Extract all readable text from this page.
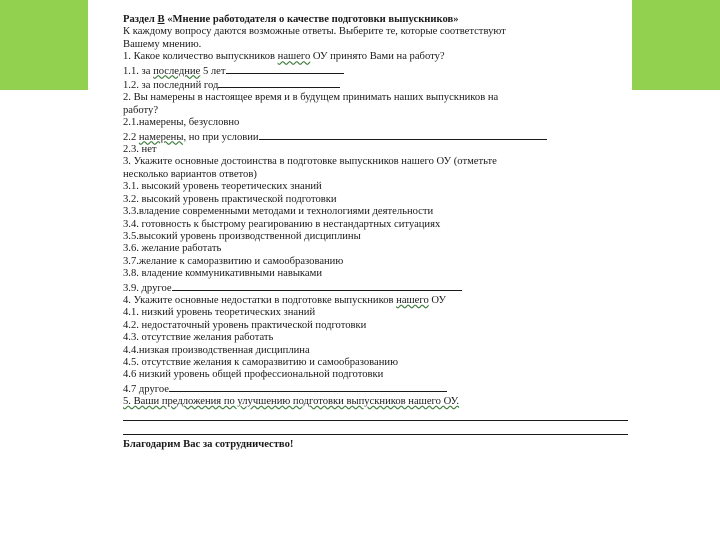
Раздел В «Мнение работодателя о качестве подготовки выпускников»
К каждому вопросу даются возможные ответы. Выберите те, которые соответствуют
Вашему мнению.
1. Какое количество выпускников нашего ОУ принято Вами на работу?
1.1. за последние 5 лет
1.2. за последний год
2. Вы намерены в настоящее время и в будущем принимать наших выпускников на
работу?
2.1.намерены, безусловно
2.2 намерены, но при условии
2.3. нет
3. Укажите основные достоинства в подготовке выпускников нашего ОУ (отметьте
несколько вариантов ответов)
3.1. высокий уровень теоретических знаний
3.2. высокий уровень практической подготовки
3.3.владение современными методами и технологиями деятельности
3.4. готовность к быстрому реагированию в нестандартных ситуациях
3.5.высокий уровень производственной дисциплины
3.6. желание работать
3.7.желание к саморазвитию и самообразованию
3.8. владение коммуникативными навыками
3.9. другое
4. Укажите основные недостатки в подготовке выпускников нашего ОУ
4.1. низкий уровень теоретических знаний
4.2. недостаточный уровень практической подготовки
4.3. отсутствие желания работать
4.4.низкая производственная дисциплина
4.5. отсутствие желания к саморазвитию и самообразованию
4.6 низкий уровень общей профессиональной подготовки
4.7 другое
5. Ваши предложения по улучшению подготовки выпускников нашего ОУ.
Благодарим Вас за сотрудничество!
